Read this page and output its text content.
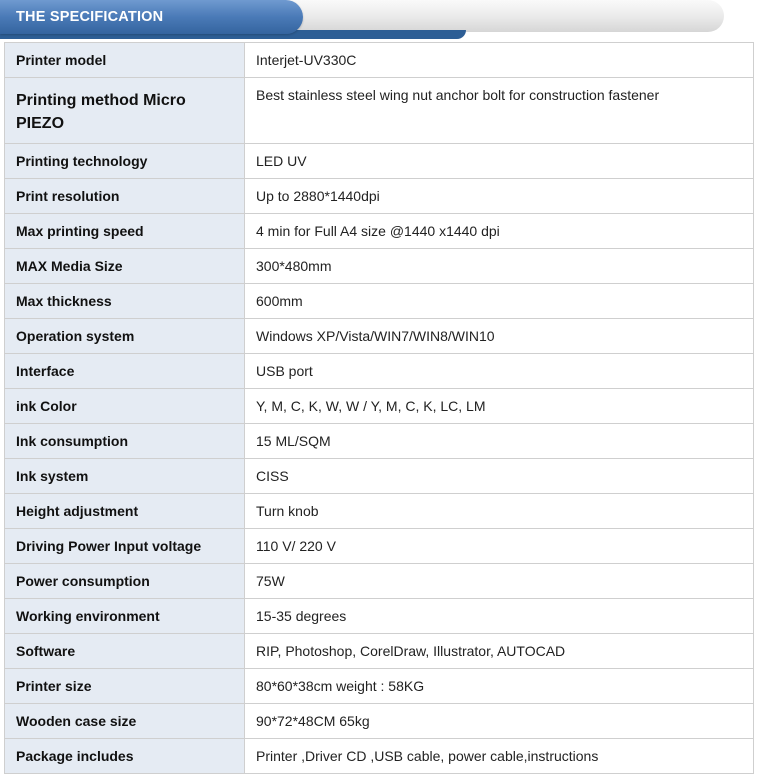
THE SPECIFICATION
Printer model	Interjet-UV330C
Printing method Micro PIEZO	Best stainless steel wing nut anchor bolt for construction fastener
Printing technology	LED UV
Print resolution	Up to 2880*1440dpi
Max printing speed	4 min for Full A4 size @1440 x1440 dpi
MAX Media Size	300*480mm
Max thickness	600mm
Operation system	Windows XP/Vista/WIN7/WIN8/WIN10
Interface	USB port
ink Color	Y, M, C, K, W, W / Y, M, C, K, LC, LM
Ink consumption	15 ML/SQM
Ink system	CISS
Height adjustment	Turn knob
Driving Power Input voltage	110 V/ 220 V
Power consumption	75W
Working environment	15-35 degrees
Software	RIP, Photoshop, CorelDraw, Illustrator, AUTOCAD
Printer size	80*60*38cm weight : 58KG
Wooden case size	90*72*48CM 65kg
Package includes	Printer ,Driver CD ,USB cable, power cable,instructions
